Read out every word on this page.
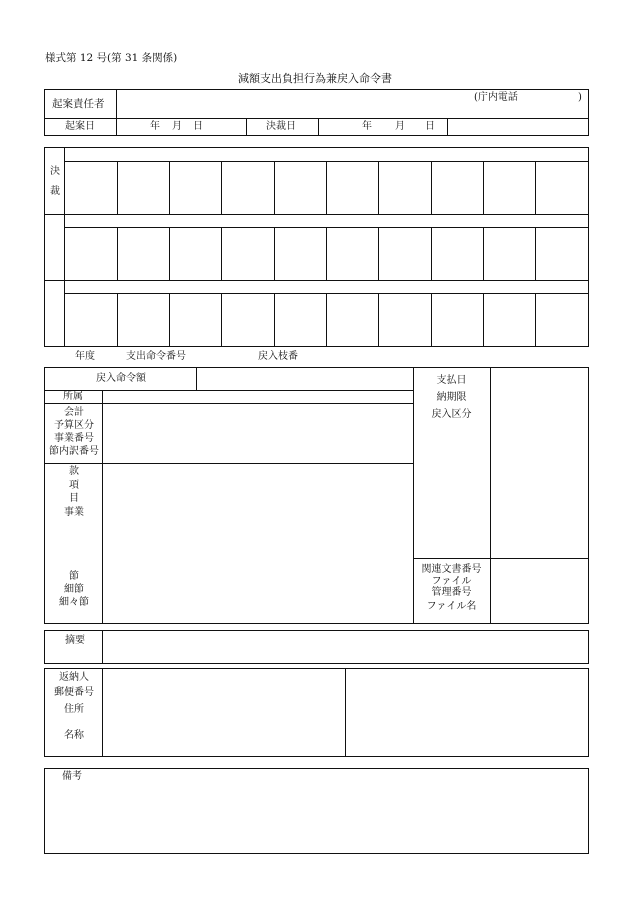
様式第 12 号(第 31 条関係)
減額支出負担行為兼戻入命令書
起案責任者
(庁内電話	)
起案日	年 月 日	決裁日	年 月 日
決
裁
年度	支出命令番号	戻入枝番
戻入命令額
所属
会計
予算区分
事業番号
節内訳番号
款
項
目
事業
節
細節
細々節
支払日
納期限
戻入区分
関連文書番号
ファイル
管理番号
ファイル名
摘要
返納人
郵便番号
住所
名称
備考
